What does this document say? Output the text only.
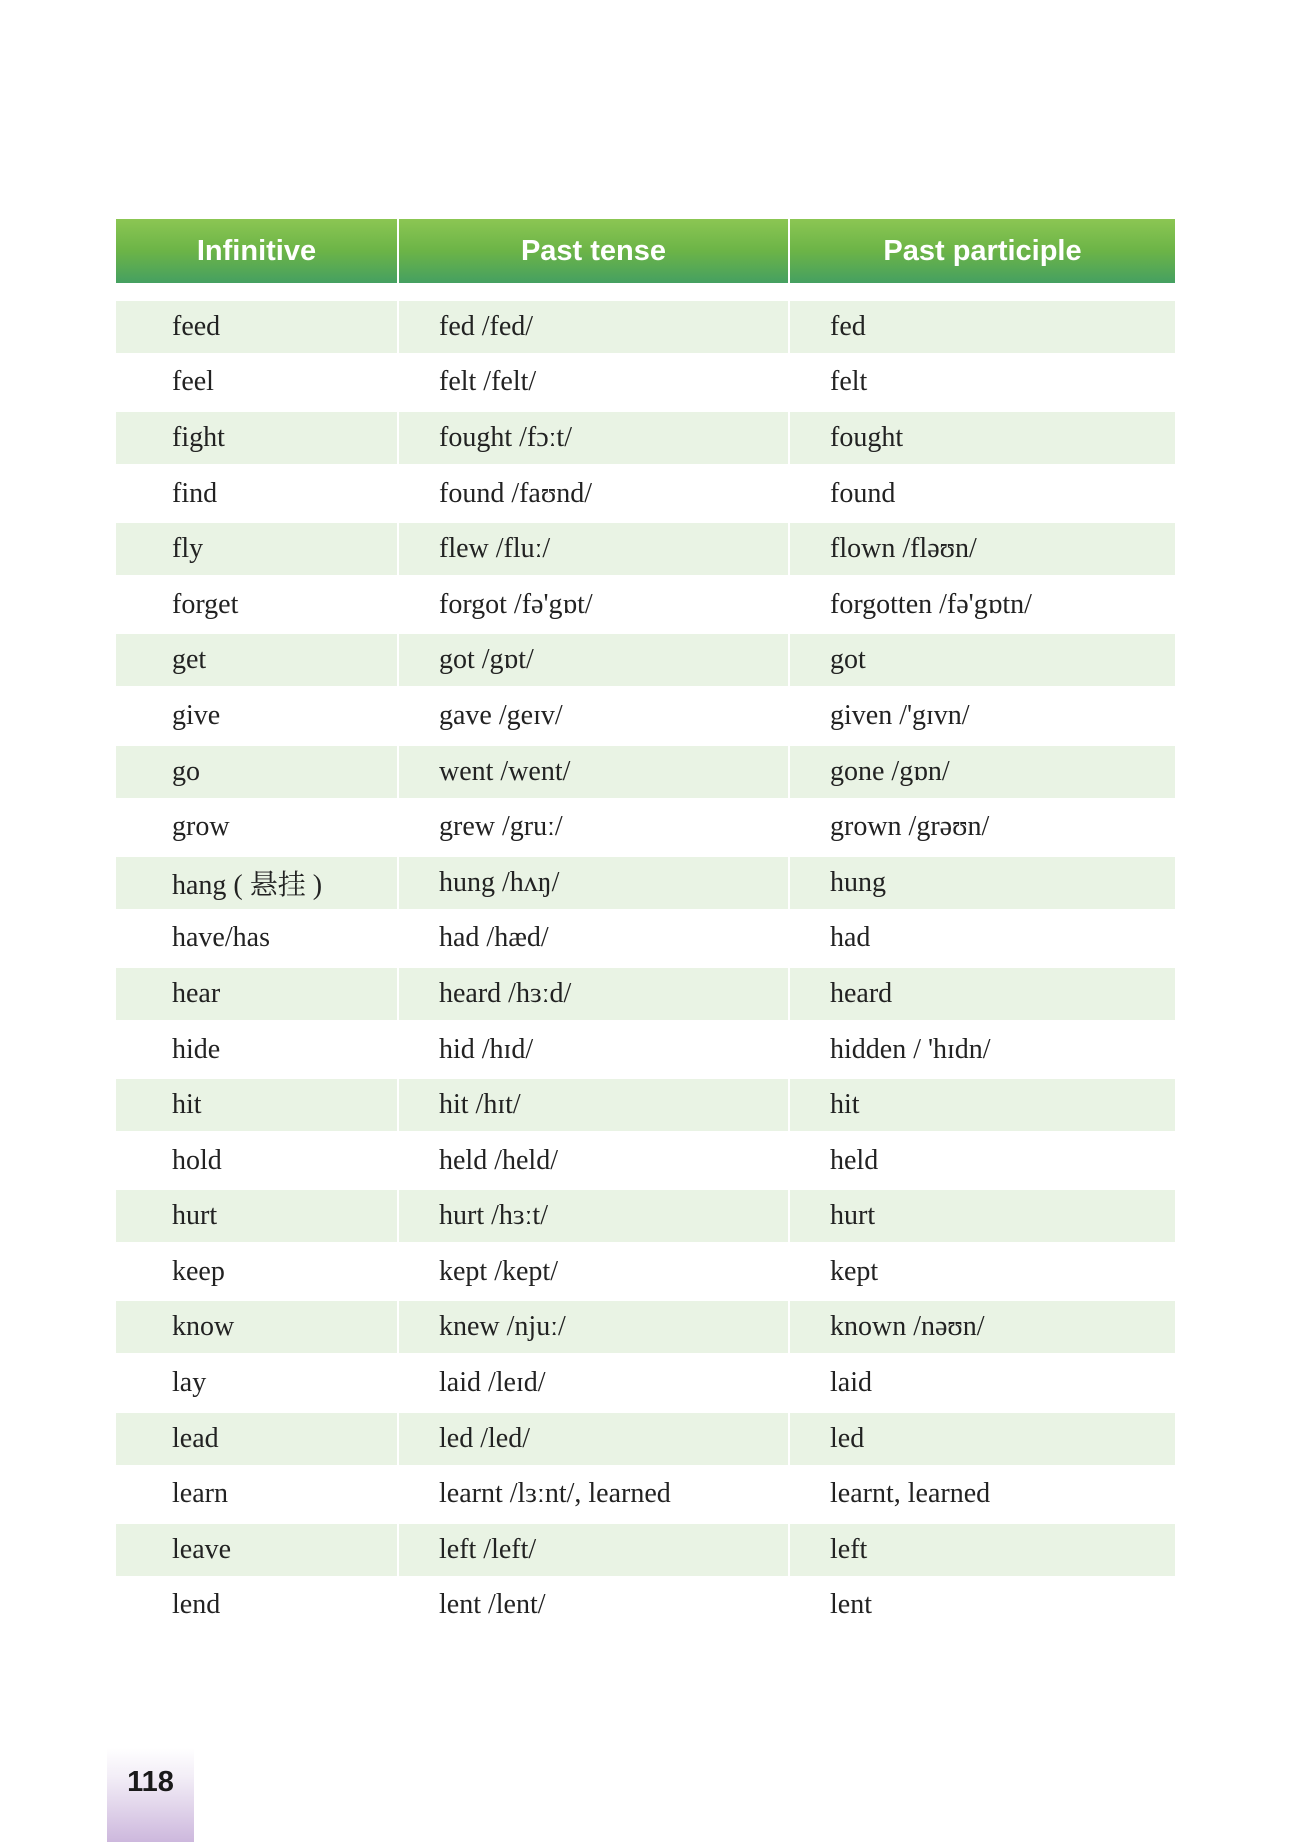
Infinitive	Past tense	Past participle
feed	fed /fed/	fed
feel	felt /felt/	felt
fight	fought /fɔːt/	fought
find	found /faʊnd/	found
fly	flew /fluː/	flown /fləʊn/
forget	forgot /fə'gɒt/	forgotten /fə'gɒtn/
get	got /gɒt/	got
give	gave /geɪv/	given /'gɪvn/
go	went /went/	gone /gɒn/
grow	grew /gruː/	grown /grəʊn/
hang ( 悬挂 )	hung /hʌŋ/	hung
have/has	had /hæd/	had
hear	heard /hɜːd/	heard
hide	hid /hɪd/	hidden / 'hɪdn/
hit	hit /hɪt/	hit
hold	held /held/	held
hurt	hurt /hɜːt/	hurt
keep	kept /kept/	kept
know	knew /njuː/	known /nəʊn/
lay	laid /leɪd/	laid
lead	led /led/	led
learn	learnt /lɜːnt/, learned	learnt, learned
leave	left /left/	left
lend	lent /lent/	lent
118
